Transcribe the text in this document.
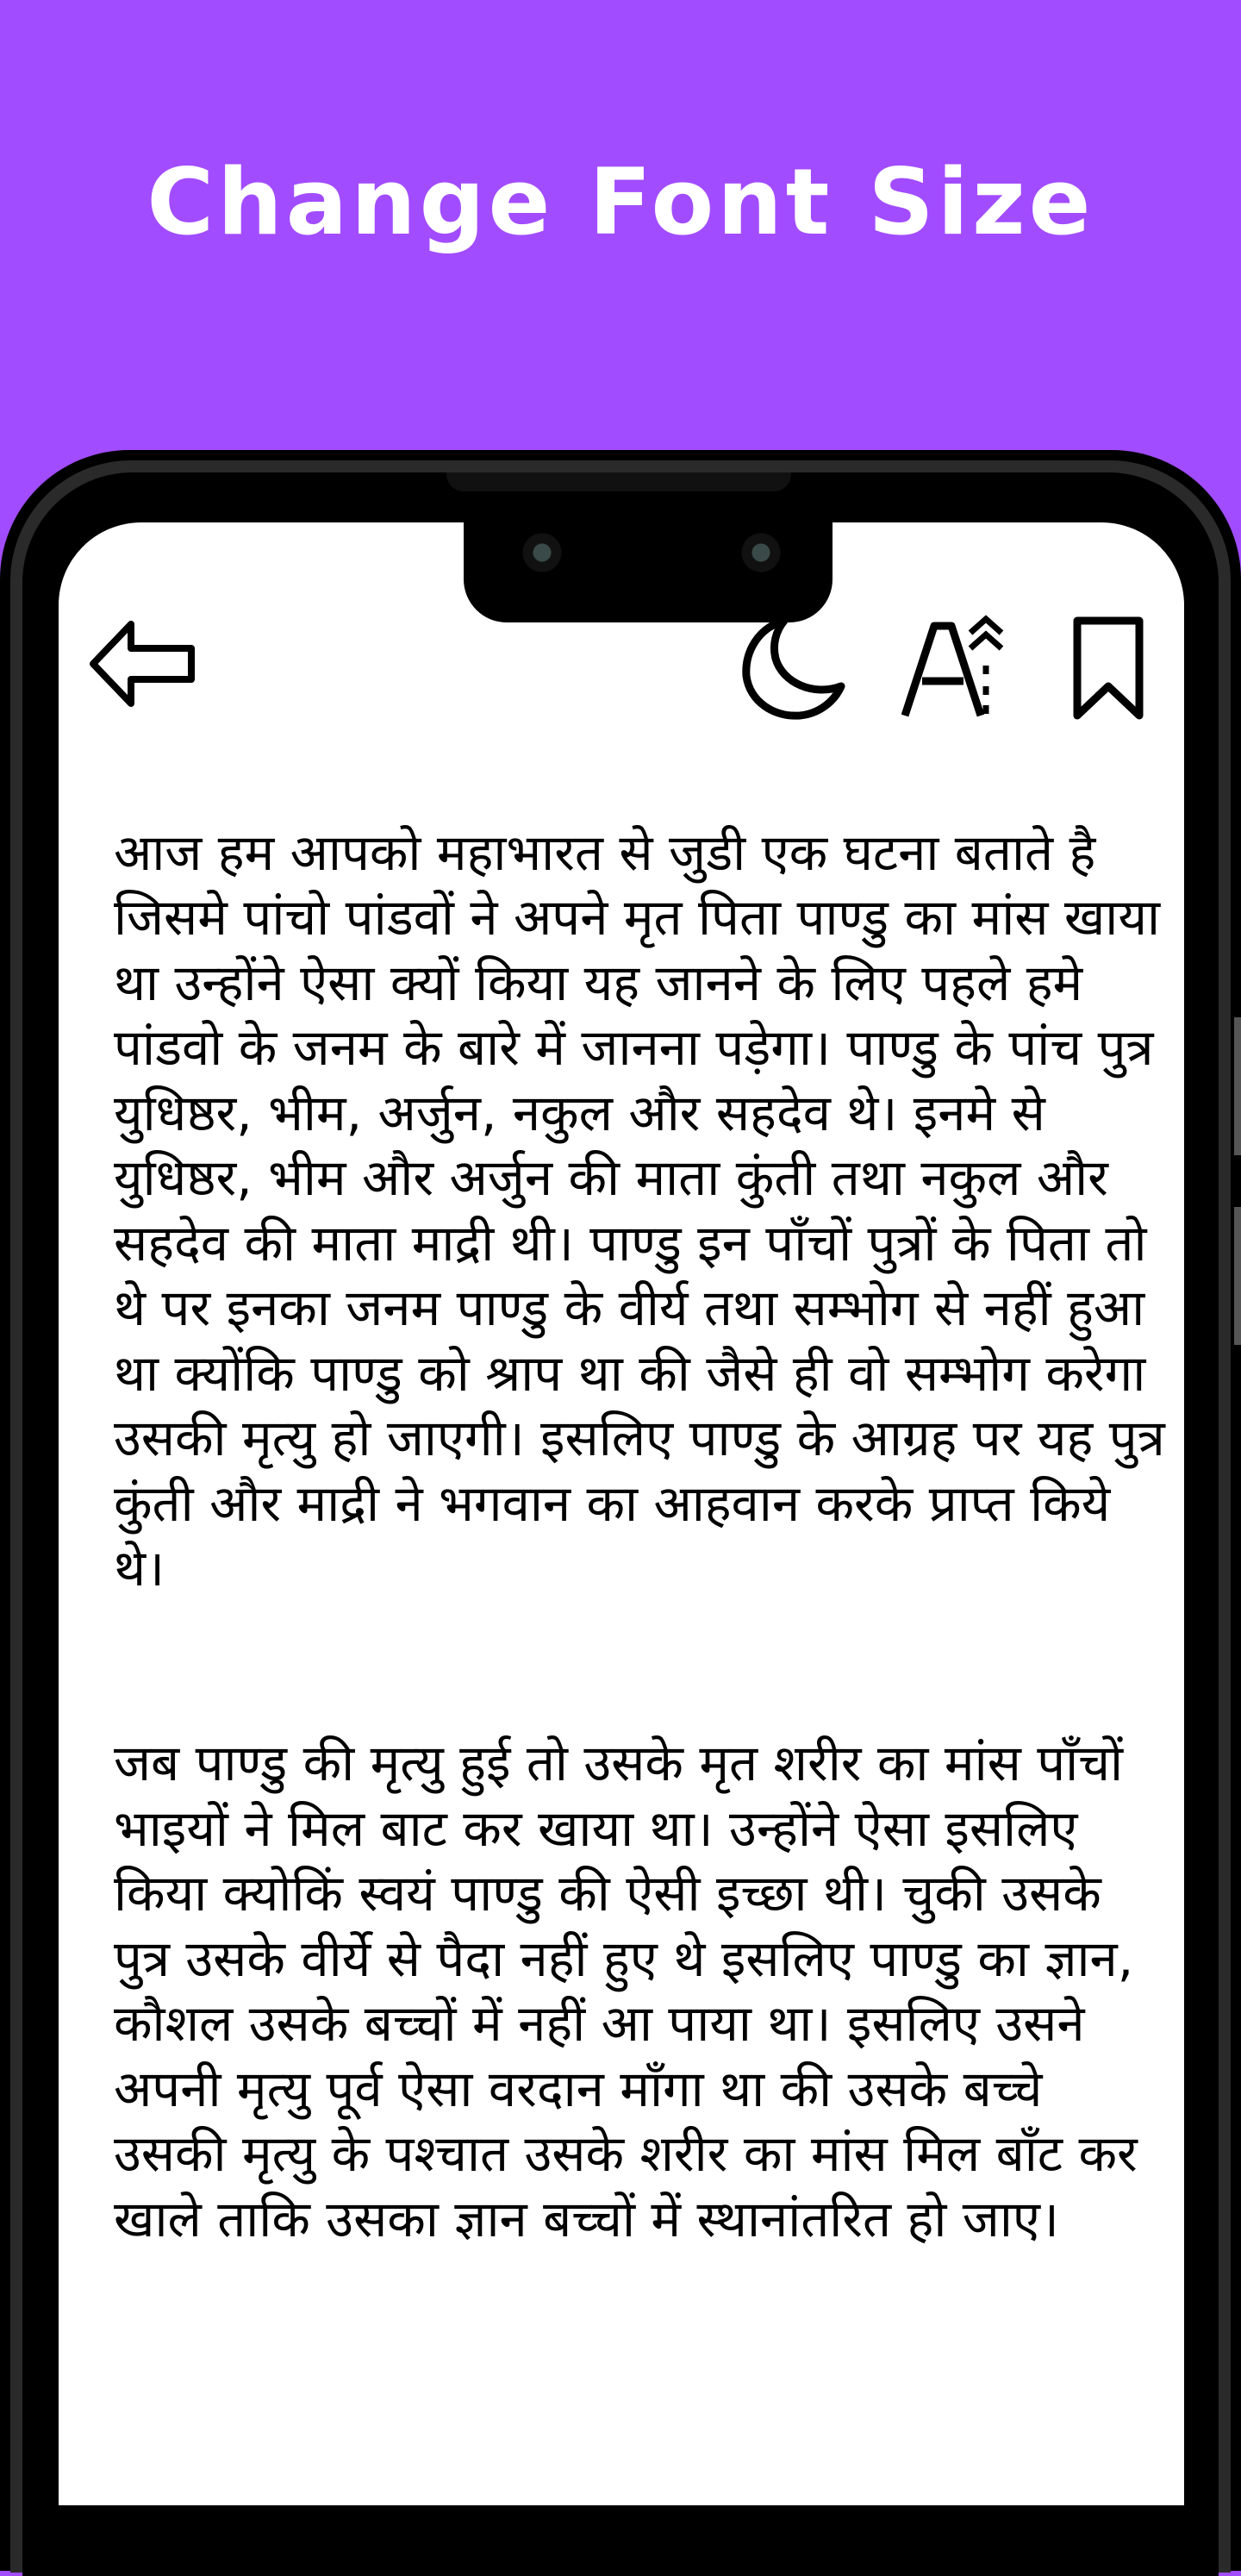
Change Font Size

आज हम आपको महाभारत से जुडी एक घटना बताते है जिसमे पांचो पांडवों ने अपने मृत पिता पाण्डु का मांस खाया था उन्होंने ऐसा क्यों किया यह जानने के लिए पहले हमे पांडवो के जनम के बारे में जानना पड़ेगा। पाण्डु के पांच पुत्र युधिष्ठर, भीम, अर्जुन, नकुल और सहदेव थे। इनमे से युधिष्ठर, भीम और अर्जुन की माता कुंती तथा नकुल और सहदेव की माता माद्री थी। पाण्डु इन पाँचों पुत्रों के पिता तो थे पर इनका जनम पाण्डु के वीर्य तथा सम्भोग से नहीं हुआ था क्योंकि पाण्डु को श्राप था की जैसे ही वो सम्भोग करेगा उसकी मृत्यु हो जाएगी। इसलिए पाण्डु के आग्रह पर यह पुत्र कुंती और माद्री ने भगवान का आहवान करके प्राप्त किये थे।

जब पाण्डु की मृत्यु हुई तो उसके मृत शरीर का मांस पाँचों भाइयों ने मिल बाट कर खाया था। उन्होंने ऐसा इसलिए किया क्योकिं स्वयं पाण्डु की ऐसी इच्छा थी। चुकी उसके पुत्र उसके वीर्ये से पैदा नहीं हुए थे इसलिए पाण्डु का ज्ञान, कौशल उसके बच्चों में नहीं आ पाया था। इसलिए उसने अपनी मृत्यु पूर्व ऐसा वरदान माँगा था की उसके बच्चे उसकी मृत्यु के पश्चात उसके शरीर का मांस मिल बाँट कर खाले ताकि उसका ज्ञान बच्चों में स्थानांतरित हो जाए।
